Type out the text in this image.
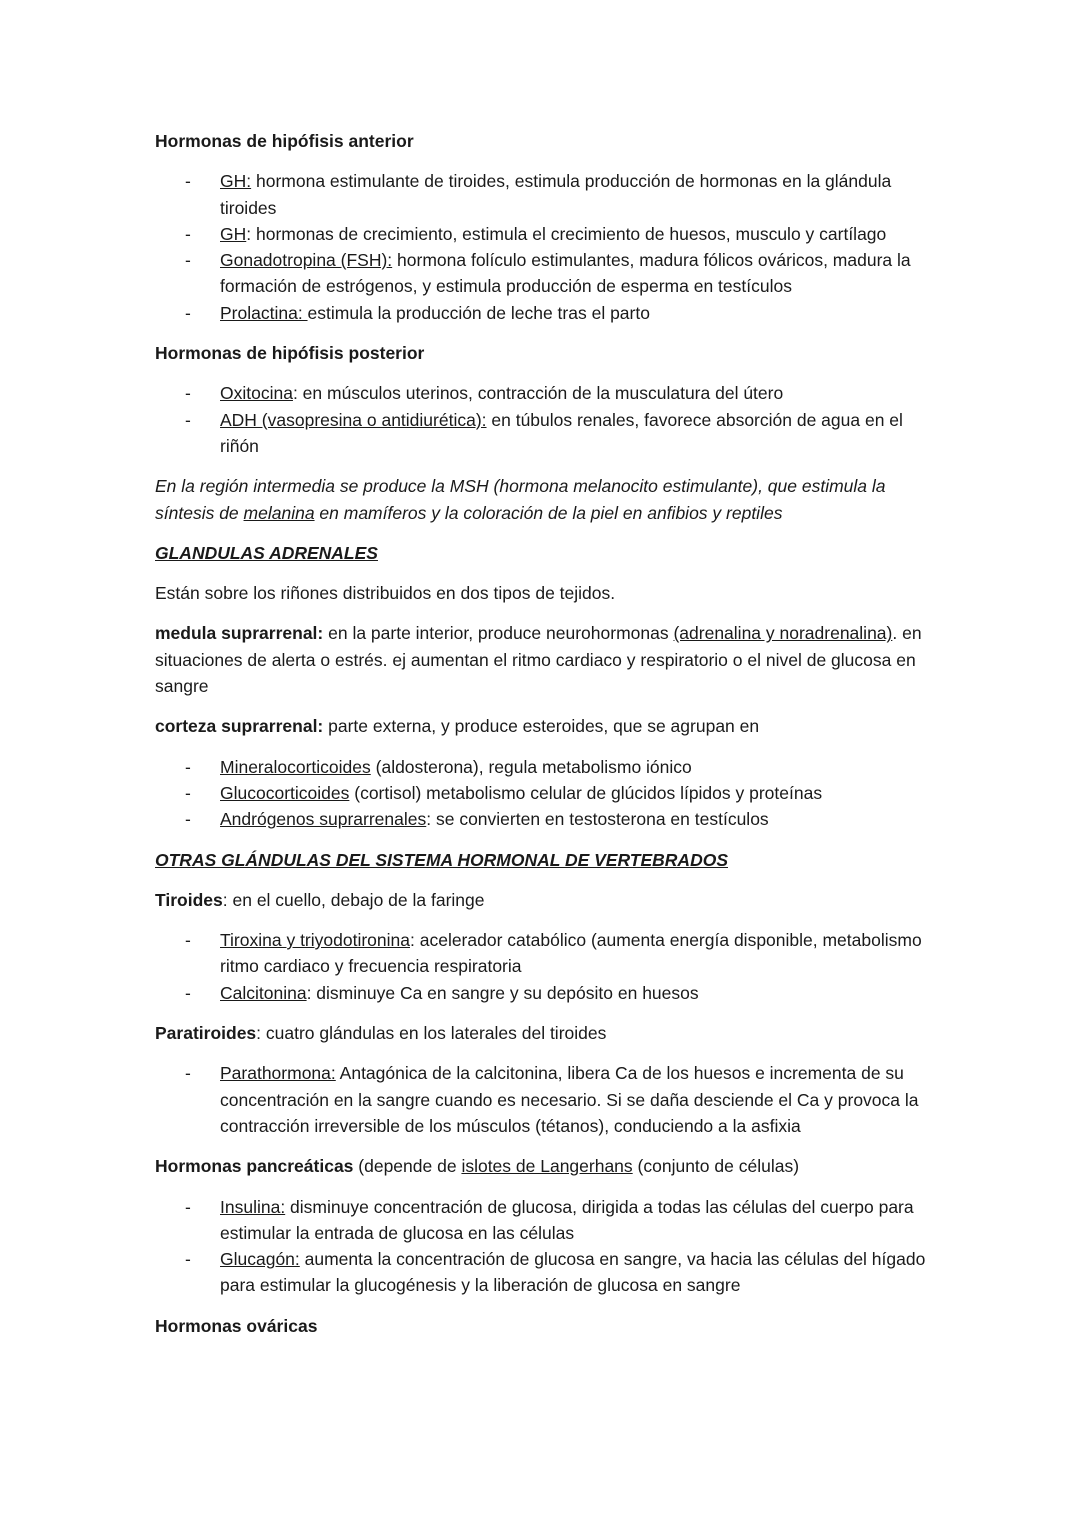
Hormonas de hipófisis anterior
- GH: hormona estimulante de tiroides, estimula producción de hormonas en la glándula tiroides
- GH: hormonas de crecimiento, estimula el crecimiento de huesos, musculo y cartílago
- Gonadotropina (FSH): hormona folículo estimulantes, madura fólicos ováricos, madura la formación de estrógenos, y estimula producción de esperma en testículos
- Prolactina: estimula la producción de leche tras el parto
Hormonas de hipófisis posterior
- Oxitocina: en músculos uterinos, contracción de la musculatura del útero
- ADH (vasopresina o antidiurética): en túbulos renales, favorece absorción de agua en el riñón

En la región intermedia se produce la MSH (hormona melanocito estimulante), que estimula la síntesis de melanina en mamíferos y la coloración de la piel en anfibios y reptiles

GLANDULAS ADRENALES

Están sobre los riñones distribuidos en dos tipos de tejidos.

medula suprarrenal: en la parte interior, produce neurohormonas (adrenalina y noradrenalina). en situaciones de alerta o estrés. ej aumentan el ritmo cardiaco y respiratorio o el nivel de glucosa en sangre

corteza suprarrenal: parte externa, y produce esteroides, que se agrupan en

- Mineralocorticoides (aldosterona), regula metabolismo iónico
- Glucocorticoides (cortisol) metabolismo celular de glúcidos lípidos y proteínas
- Andrógenos suprarrenales: se convierten en testosterona en testículos
OTRAS GLÁNDULAS DEL SISTEMA HORMONAL DE VERTEBRADOS

Tiroides: en el cuello, debajo de la faringe

- Tiroxina y triyodotironina: acelerador catabólico (aumenta energía disponible, metabolismo ritmo cardiaco y frecuencia respiratoria
- Calcitonina: disminuye Ca en sangre y su depósito en huesos

Paratiroides: cuatro glándulas en los laterales del tiroides

- Parathormona: Antagónica de la calcitonina, libera Ca de los huesos e incrementa de su concentración en la sangre cuando es necesario. Si se daña desciende el Ca y provoca la contracción irreversible de los músculos (tétanos), conduciendo a la asfixia

Hormonas pancreáticas (depende de islotes de Langerhans (conjunto de células)

- Insulina: disminuye concentración de glucosa, dirigida a todas las células del cuerpo para estimular la entrada de glucosa en las células
- Glucagón: aumenta la concentración de glucosa en sangre, va hacia las células del hígado para estimular la glucogénesis y la liberación de glucosa en sangre
Hormonas ováricas
